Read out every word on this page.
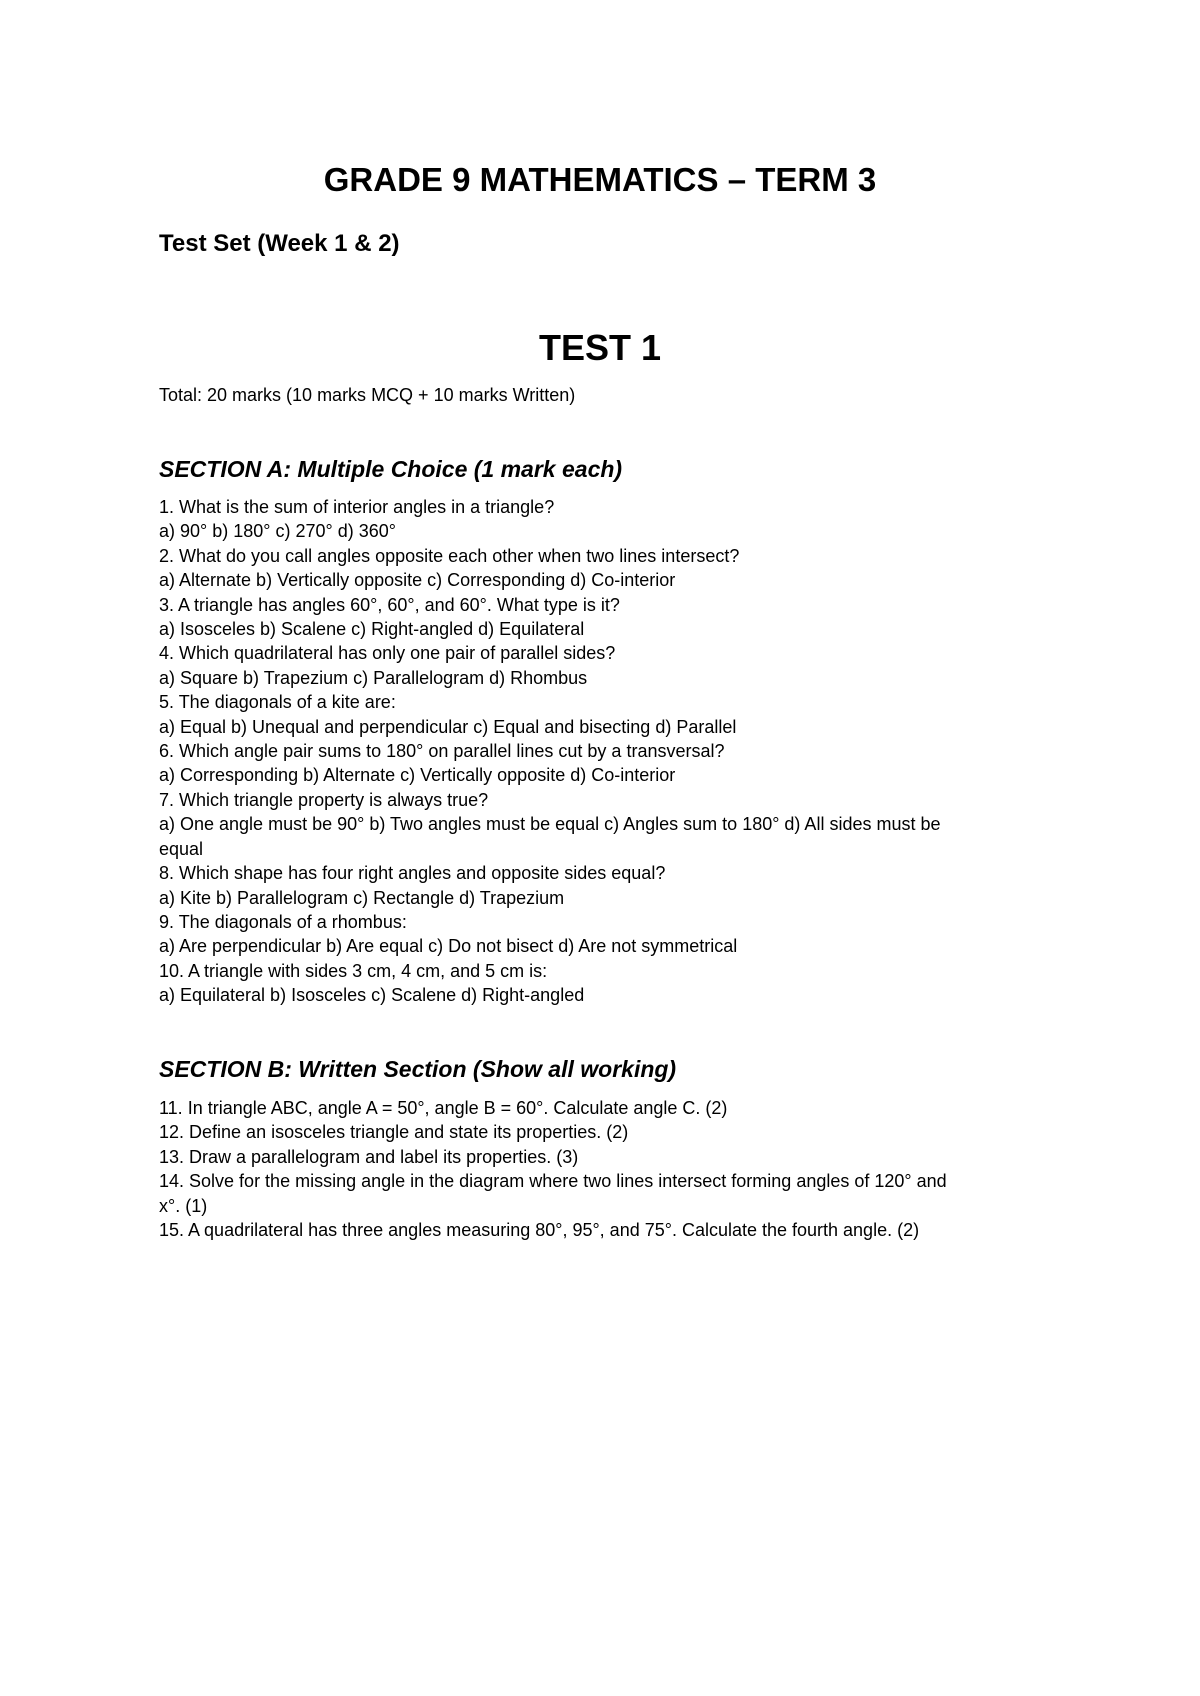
GRADE 9 MATHEMATICS – TERM 3
Test Set (Week 1 & 2)
TEST 1

Total: 20 marks (10 marks MCQ + 10 marks Written)

SECTION A: Multiple Choice (1 mark each)
1. What is the sum of interior angles in a triangle?
a) 90° b) 180° c) 270° d) 360°
2. What do you call angles opposite each other when two lines intersect?
a) Alternate b) Vertically opposite c) Corresponding d) Co-interior
3. A triangle has angles 60°, 60°, and 60°. What type is it?
a) Isosceles b) Scalene c) Right-angled d) Equilateral
4. Which quadrilateral has only one pair of parallel sides?
a) Square b) Trapezium c) Parallelogram d) Rhombus
5. The diagonals of a kite are:
a) Equal b) Unequal and perpendicular c) Equal and bisecting d) Parallel
6. Which angle pair sums to 180° on parallel lines cut by a transversal?
a) Corresponding b) Alternate c) Vertically opposite d) Co-interior
7. Which triangle property is always true?
a) One angle must be 90° b) Two angles must be equal c) Angles sum to 180° d) All sides must be
equal
8. Which shape has four right angles and opposite sides equal?
a) Kite b) Parallelogram c) Rectangle d) Trapezium
9. The diagonals of a rhombus:
a) Are perpendicular b) Are equal c) Do not bisect d) Are not symmetrical
10. A triangle with sides 3 cm, 4 cm, and 5 cm is:
a) Equilateral b) Isosceles c) Scalene d) Right-angled
SECTION B: Written Section (Show all working)
11. In triangle ABC, angle A = 50°, angle B = 60°. Calculate angle C. (2)
12. Define an isosceles triangle and state its properties. (2)
13. Draw a parallelogram and label its properties. (3)
14. Solve for the missing angle in the diagram where two lines intersect forming angles of 120° and
x°. (1)
15. A quadrilateral has three angles measuring 80°, 95°, and 75°. Calculate the fourth angle. (2)
